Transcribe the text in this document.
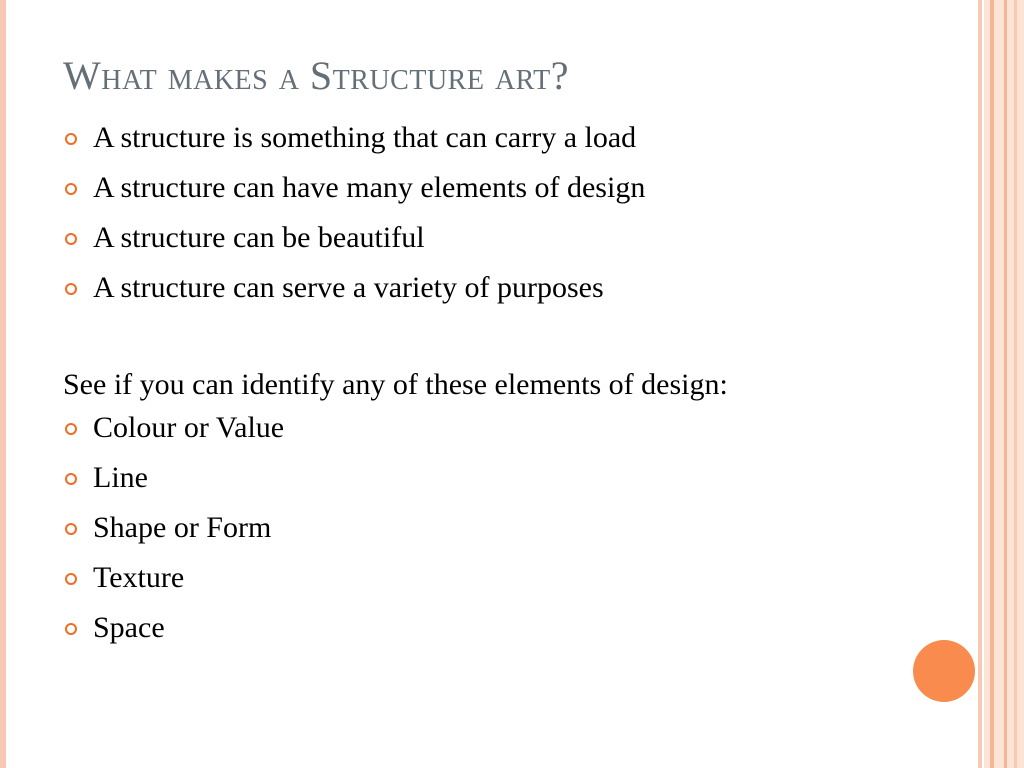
What makes a Structure art?
A structure is something that can carry a load
A structure can have many elements of design
A structure can be beautiful
A structure can serve a variety of purposes

See if you can identify any of these elements of design:

Colour or Value
Line
Shape or Form
Texture
Space
